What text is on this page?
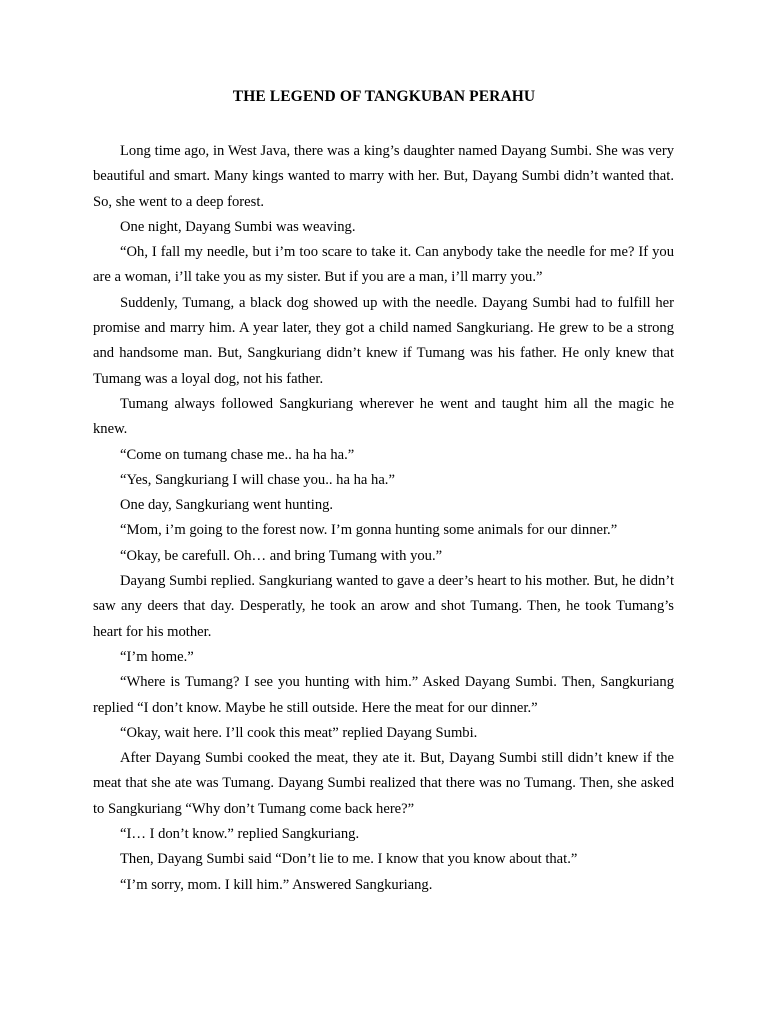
THE LEGEND OF TANGKUBAN PERAHU

Long time ago, in West Java, there was a king’s daughter named Dayang Sumbi. She was very beautiful and smart. Many kings wanted to marry with her. But, Dayang Sumbi didn’t wanted that. So, she went to a deep forest.

One night, Dayang Sumbi was weaving.

“Oh, I fall my needle, but i’m too scare to take it. Can anybody take the needle for me? If you are a woman, i’ll take you as my sister. But if you are a man, i’ll marry you.”

Suddenly, Tumang, a black dog showed up with the needle. Dayang Sumbi had to fulfill her promise and marry him. A year later, they got a child named Sangkuriang. He grew to be a strong and handsome man. But, Sangkuriang didn’t knew if Tumang was his father. He only knew that Tumang was a loyal dog, not his father.

Tumang always followed Sangkuriang wherever he went and taught him all the magic he knew.

“Come on tumang chase me.. ha ha ha.”

“Yes, Sangkuriang I will chase you.. ha ha ha.”

One day, Sangkuriang went hunting.

“Mom, i’m going to the forest now. I’m gonna hunting some animals for our dinner.”

“Okay, be carefull. Oh… and bring Tumang with you.”

Dayang Sumbi replied. Sangkuriang wanted to gave a deer’s heart to his mother. But, he didn’t saw any deers that day. Desperatly, he took an arow and shot Tumang. Then, he took Tumang’s heart for his mother.

“I’m home.”

“Where is Tumang? I see you hunting with him.” Asked Dayang Sumbi. Then, Sangkuriang replied “I don’t know. Maybe he still outside. Here the meat for our dinner.”

“Okay, wait here. I’ll cook this meat” replied Dayang Sumbi.

After Dayang Sumbi cooked the meat, they ate it. But, Dayang Sumbi still didn’t knew if the meat that she ate was Tumang. Dayang Sumbi realized that there was no Tumang. Then, she asked to Sangkuriang “Why don’t Tumang come back here?”

“I… I don’t know.” replied Sangkuriang.

Then, Dayang Sumbi said “Don’t lie to me. I know that you know about that.”

“I’m sorry, mom. I kill him.” Answered Sangkuriang.
